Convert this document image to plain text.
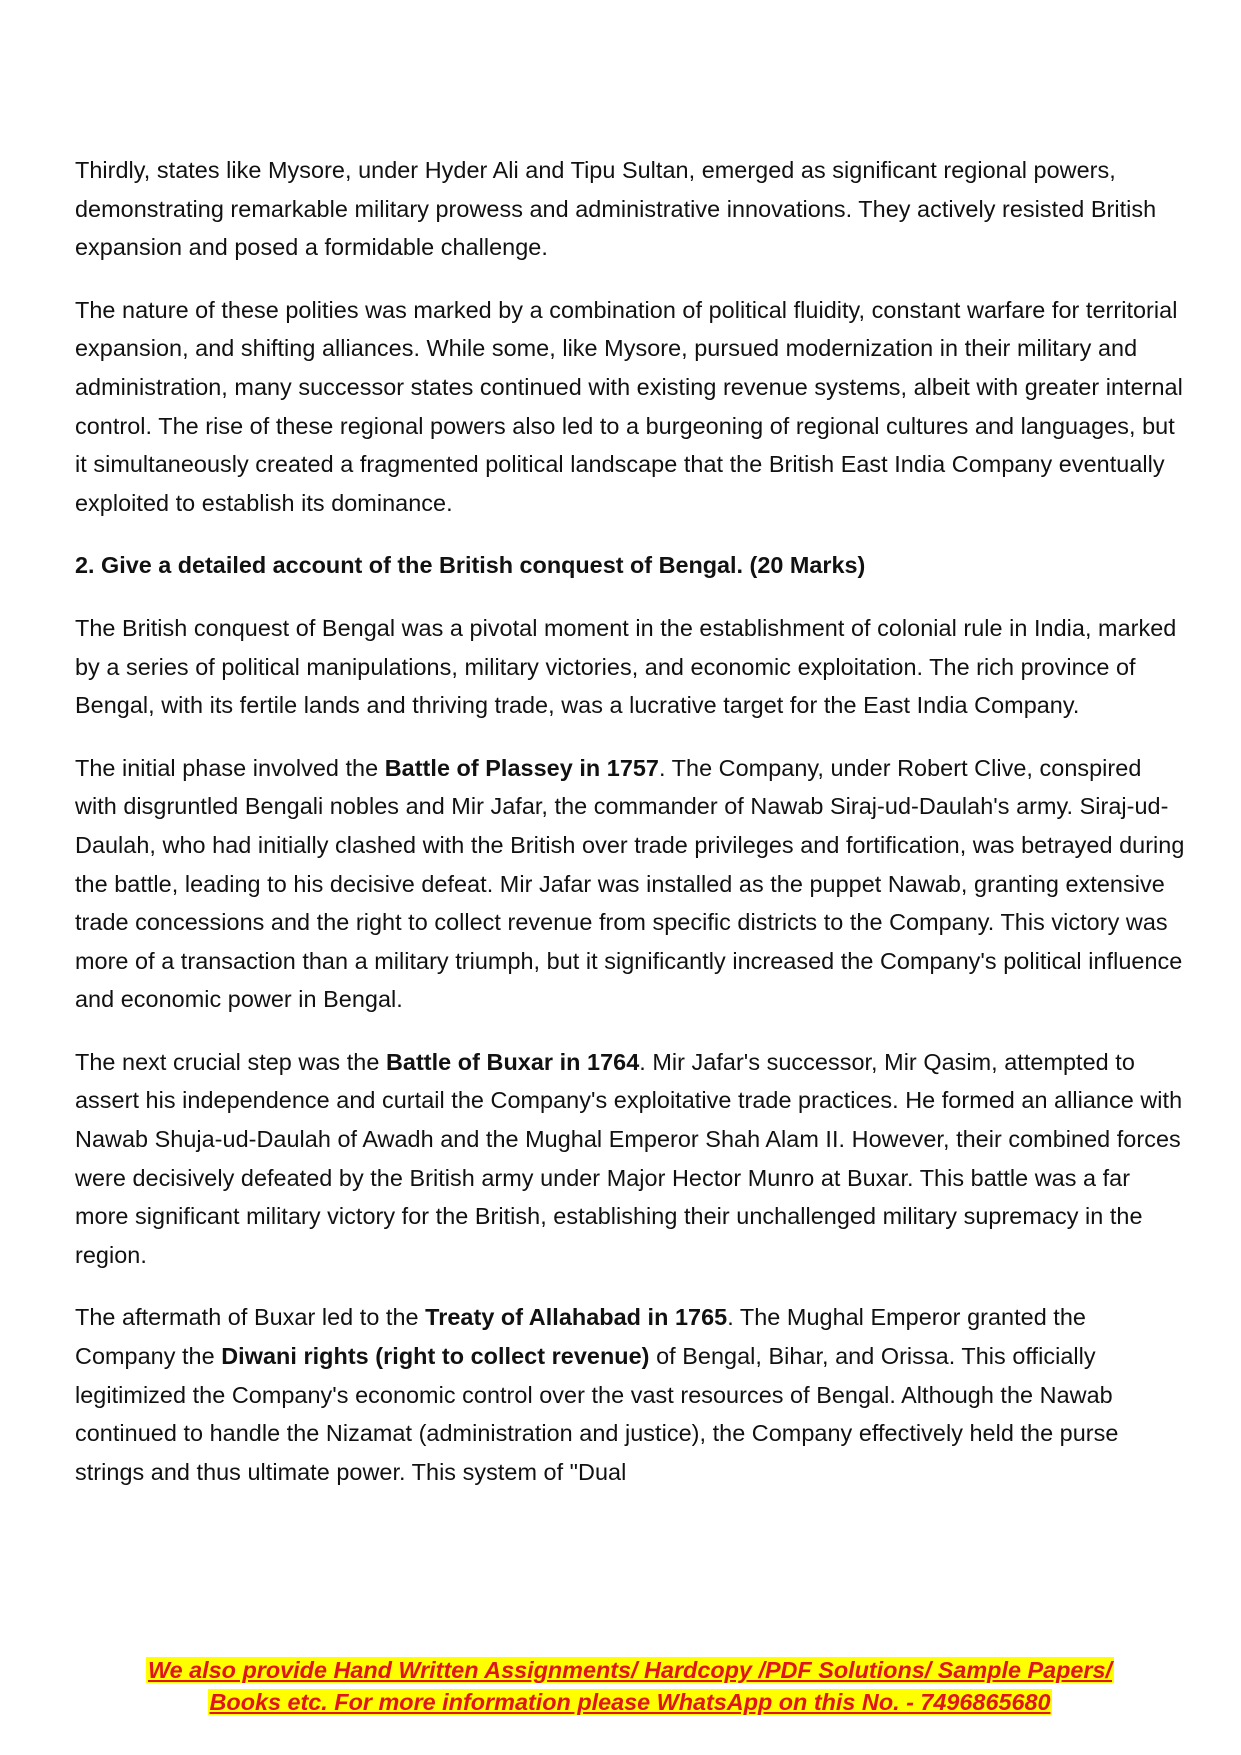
Thirdly, states like Mysore, under Hyder Ali and Tipu Sultan, emerged as significant regional powers, demonstrating remarkable military prowess and administrative innovations. They actively resisted British expansion and posed a formidable challenge.

The nature of these polities was marked by a combination of political fluidity, constant warfare for territorial expansion, and shifting alliances. While some, like Mysore, pursued modernization in their military and administration, many successor states continued with existing revenue systems, albeit with greater internal control. The rise of these regional powers also led to a burgeoning of regional cultures and languages, but it simultaneously created a fragmented political landscape that the British East India Company eventually exploited to establish its dominance.

2. Give a detailed account of the British conquest of Bengal. (20 Marks)

The British conquest of Bengal was a pivotal moment in the establishment of colonial rule in India, marked by a series of political manipulations, military victories, and economic exploitation. The rich province of Bengal, with its fertile lands and thriving trade, was a lucrative target for the East India Company.

The initial phase involved the Battle of Plassey in 1757. The Company, under Robert Clive, conspired with disgruntled Bengali nobles and Mir Jafar, the commander of Nawab Siraj-ud-Daulah's army. Siraj-ud-Daulah, who had initially clashed with the British over trade privileges and fortification, was betrayed during the battle, leading to his decisive defeat. Mir Jafar was installed as the puppet Nawab, granting extensive trade concessions and the right to collect revenue from specific districts to the Company. This victory was more of a transaction than a military triumph, but it significantly increased the Company's political influence and economic power in Bengal.

The next crucial step was the Battle of Buxar in 1764. Mir Jafar's successor, Mir Qasim, attempted to assert his independence and curtail the Company's exploitative trade practices. He formed an alliance with Nawab Shuja-ud-Daulah of Awadh and the Mughal Emperor Shah Alam II. However, their combined forces were decisively defeated by the British army under Major Hector Munro at Buxar. This battle was a far more significant military victory for the British, establishing their unchallenged military supremacy in the region.

The aftermath of Buxar led to the Treaty of Allahabad in 1765. The Mughal Emperor granted the Company the Diwani rights (right to collect revenue) of Bengal, Bihar, and Orissa. This officially legitimized the Company's economic control over the vast resources of Bengal. Although the Nawab continued to handle the Nizamat (administration and justice), the Company effectively held the purse strings and thus ultimate power. This system of "Dual

We also provide Hand Written Assignments/ Hardcopy /PDF Solutions/ Sample Papers/
Books etc. For more information please WhatsApp on this No. - 7496865680
